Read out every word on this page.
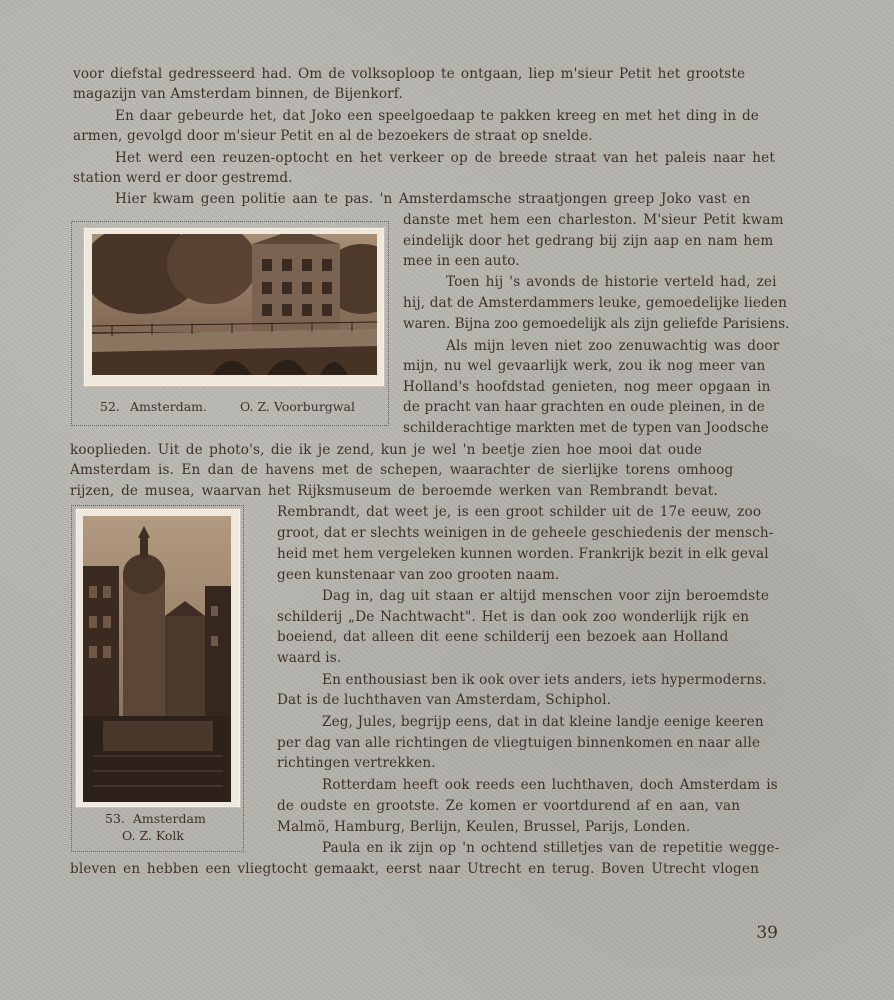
voor diefstal gedresseerd had. Om de volksoploop te ontgaan, liep m'sieur Petit het grootste
magazijn van Amsterdam binnen, de Bijenkorf.
En daar gebeurde het, dat Joko een speelgoedaap te pakken kreeg en met het ding in de
armen, gevolgd door m'sieur Petit en al de bezoekers de straat op snelde.
Het werd een reuzen-optocht en het verkeer op de breede straat van het paleis naar het
station werd er door gestremd.
Hier kwam geen politie aan te pas. 'n Amsterdamsche straatjongen greep Joko vast en
danste met hem een charleston. M'sieur Petit kwam
eindelijk door het gedrang bij zijn aap en nam hem
mee in een auto.
Toen hij 's avonds de historie verteld had, zei
hij, dat de Amsterdammers leuke, gemoedelijke lieden
waren. Bijna zoo gemoedelijk als zijn geliefde Parisiens.
Als mijn leven niet zoo zenuwachtig was door
mijn, nu wel gevaarlijk werk, zou ik nog meer van
Holland's hoofdstad genieten, nog meer opgaan in
de pracht van haar grachten en oude pleinen, in de
schilderachtige markten met de typen van Joodsche
kooplieden. Uit de photo's, die ik je zend, kun je wel 'n beetje zien hoe mooi dat oude
Amsterdam is. En dan de havens met de schepen, waarachter de sierlijke torens omhoog
rijzen, de musea, waarvan het Rijksmuseum de beroemde werken van Rembrandt bevat.
Rembrandt, dat weet je, is een groot schilder uit de 17e eeuw, zoo
groot, dat er slechts weinigen in de geheele geschiedenis der mensch-
heid met hem vergeleken kunnen worden. Frankrijk bezit in elk geval
geen kunstenaar van zoo grooten naam.
Dag in, dag uit staan er altijd menschen voor zijn beroemdste
schilderij „De Nachtwacht". Het is dan ook zoo wonderlijk rijk en
boeiend, dat alleen dit eene schilderij een bezoek aan Holland
waard is.
En enthousiast ben ik ook over iets anders, iets hypermoderns.
Dat is de luchthaven van Amsterdam, Schiphol.
Zeg, Jules, begrijp eens, dat in dat kleine landje eenige keeren
per dag van alle richtingen de vliegtuigen binnenkomen en naar alle
richtingen vertrekken.
Rotterdam heeft ook reeds een luchthaven, doch Amsterdam is
de oudste en grootste. Ze komen er voortdurend af en aan, van
Malmö, Hamburg, Berlijn, Keulen, Brussel, Parijs, Londen.
Paula en ik zijn op 'n ochtend stilletjes van de repetitie wegge-
bleven en hebben een vliegtocht gemaakt, eerst naar Utrecht en terug. Boven Utrecht vlogen
52. Amsterdam.	O. Z. Voorburgwal
53.  Amsterdam
O. Z. Kolk
39
